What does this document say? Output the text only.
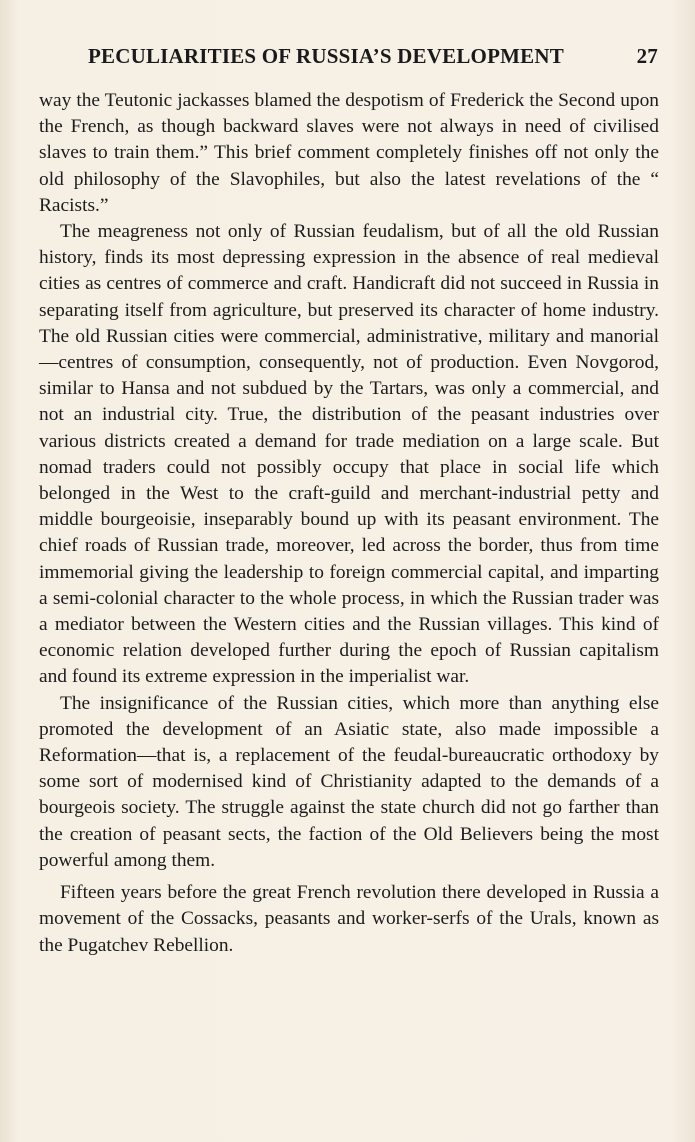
PECULIARITIES OF RUSSIA’S DEVELOPMENT	27

way the Teutonic jackasses blamed the despotism of Frederick the Second upon the French, as though backward slaves were not always in need of civilised slaves to train them.” This brief comment completely finishes off not only the old philosophy of the Slavophiles, but also the latest revelations of the “ Racists.”

The meagreness not only of Russian feudalism, but of all the old Russian history, finds its most depressing expression in the absence of real medieval cities as centres of commerce and craft. Handicraft did not succeed in Russia in separating itself from agriculture, but preserved its character of home industry. The old Russian cities were commercial, administrative, military and manorial—centres of consumption, consequently, not of production. Even Novgorod, similar to Hansa and not subdued by the Tartars, was only a commercial, and not an industrial city. True, the distribution of the peasant industries over various districts created a demand for trade mediation on a large scale. But nomad traders could not possibly occupy that place in social life which belonged in the West to the craft-guild and merchant-industrial petty and middle bourgeoisie, inseparably bound up with its peasant environment. The chief roads of Russian trade, moreover, led across the border, thus from time immemorial giving the leadership to foreign commercial capital, and imparting a semi-colonial character to the whole process, in which the Russian trader was a mediator between the Western cities and the Russian villages. This kind of economic relation developed further during the epoch of Russian capitalism and found its extreme expression in the imperialist war.

The insignificance of the Russian cities, which more than anything else promoted the development of an Asiatic state, also made impossible a Reformation—that is, a replacement of the feudal-bureaucratic orthodoxy by some sort of modernised kind of Christianity adapted to the demands of a bourgeois society. The struggle against the state church did not go farther than the creation of peasant sects, the faction of the Old Believers being the most powerful among them.

Fifteen years before the great French revolution there developed in Russia a movement of the Cossacks, peasants and worker-serfs of the Urals, known as the Pugatchev Rebellion.
